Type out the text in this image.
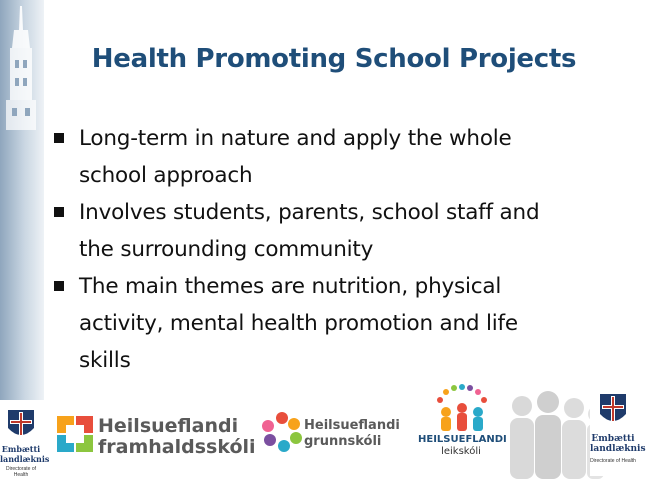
Health Promoting School Projects
Long-term in nature and apply the whole
school approach
Involves students, parents, school staff and
the surrounding community
The main themes are nutrition, physical
activity, mental health promotion and life
skills
Embætti
landlæknis
Directorate of Health
Heilsueflandi
framhaldsskóli
Heilsueflandi
grunnskóli	HEILSUEFLANDI
leikskóli
Embætti
landlæknis
Directorate of Health
